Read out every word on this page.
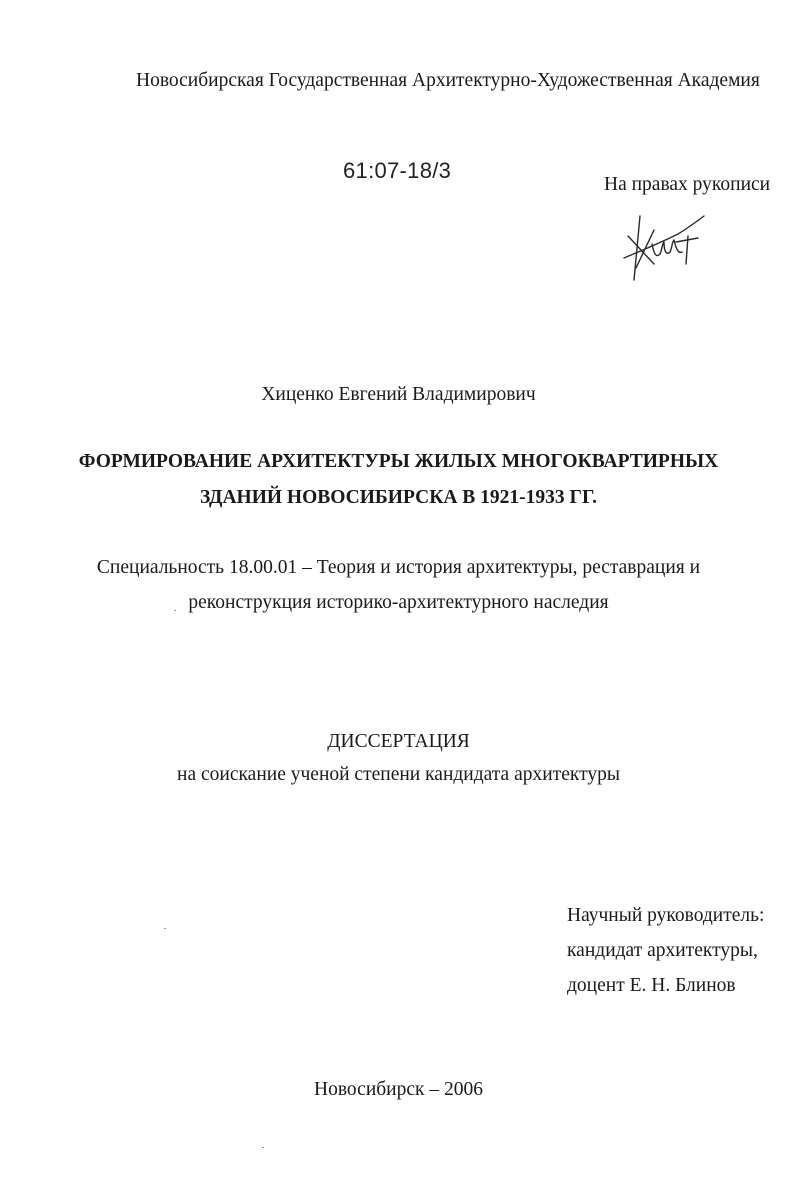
Новосибирская Государственная Архитектурно-Художественная Академия
61:07-18/3
На правах рукописи
Хиценко Евгений Владимирович
ФОРМИРОВАНИЕ АРХИТЕКТУРЫ ЖИЛЫХ МНОГОКВАРТИРНЫХ
ЗДАНИЙ НОВОСИБИРСКА В 1921-1933 ГГ.
Специальность 18.00.01 – Теория и история архитектуры, реставрация и
реконструкция историко-архитектурного наследия
ДИССЕРТАЦИЯ
на соискание ученой степени кандидата архитектуры
Научный руководитель:
кандидат архитектуры,
доцент Е. Н. Блинов
Новосибирск – 2006
